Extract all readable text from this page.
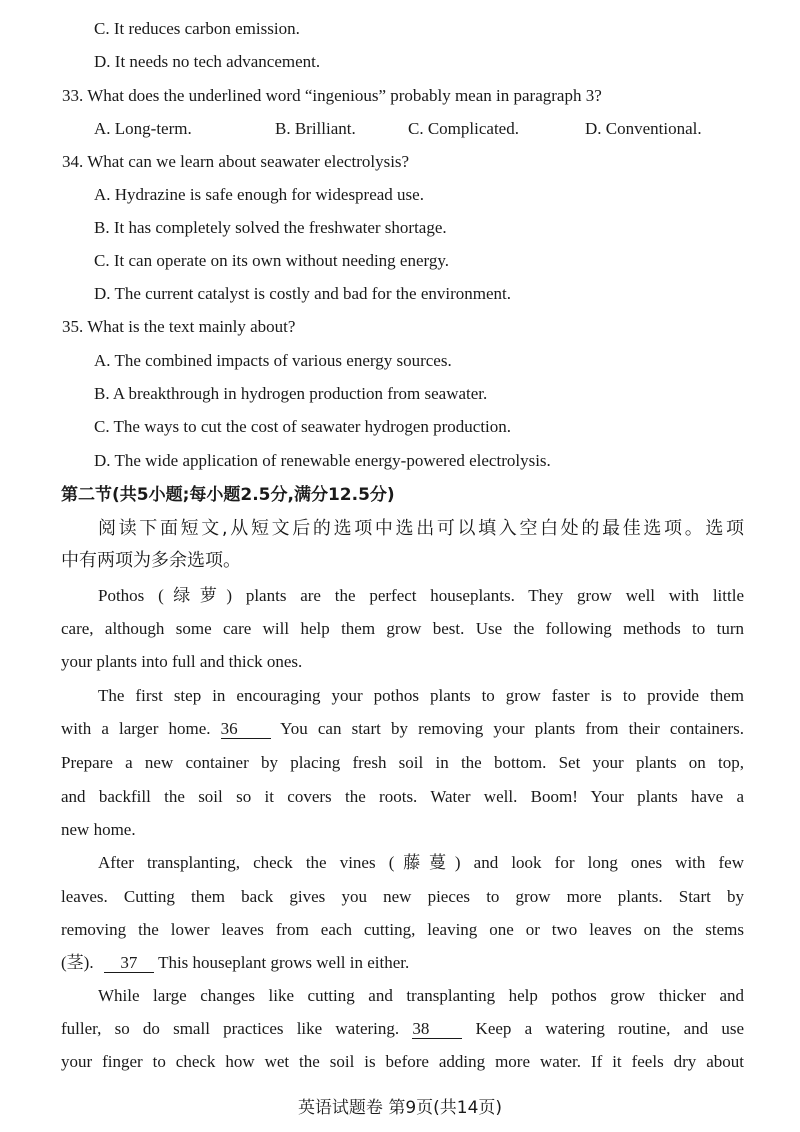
C. It reduces carbon emission.
D. It needs no tech advancement.
33. What does the underlined word “ingenious” probably mean in paragraph 3?
A. Long-term.	B. Brilliant.	C. Complicated.	D. Conventional.
34. What can we learn about seawater electrolysis?
A. Hydrazine is safe enough for widespread use.
B. It has completely solved the freshwater shortage.
C. It can operate on its own without needing energy.
D. The current catalyst is costly and bad for the environment.
35. What is the text mainly about?
A. The combined impacts of various energy sources.
B. A breakthrough in hydrogen production from seawater.
C. The ways to cut the cost of seawater hydrogen production.
D. The wide application of renewable energy-powered electrolysis.
第二节(共5小题;每小题2.5分,满分12.5分)
阅读下面短文,从短文后的选项中选出可以填入空白处的最佳选项。选项
中有两项为多余选项。
Pothos (绿萝) plants are the perfect houseplants. They grow well with little
care, although some care will help them grow best. Use the following methods to turn
your plants into full and thick ones.
The first step in encouraging your pothos plants to grow faster is to provide them
with a larger home. 36	You can start by removing your plants from their containers.
Prepare a new container by placing fresh soil in the bottom. Set your plants on top,
and backfill the soil so it covers the roots. Water well. Boom! Your plants have a
new home.
After transplanting, check the vines (藤蔓) and look for long ones with few
leaves. Cutting them back gives you new pieces to grow more plants. Start by
removing the lower leaves from each cutting, leaving one or two leaves on the stems
(茎). 37 This houseplant grows well in either.
While large changes like cutting and transplanting help pothos grow thicker and
fuller, so do small practices like watering. 38	Keep a watering routine, and use
your finger to check how wet the soil is before adding more water. If it feels dry about
英语试题卷 第9页(共14页)
